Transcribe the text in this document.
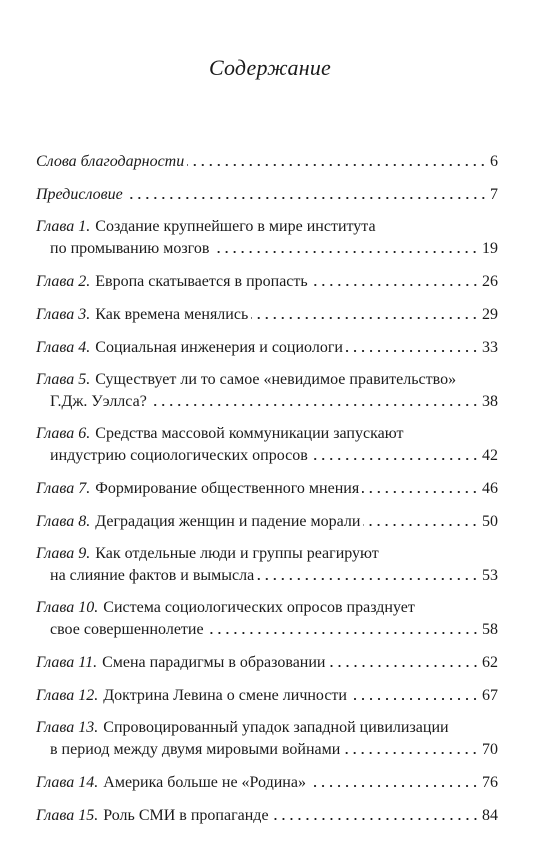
Содержание
Слова благодарности	6
Предисловие	7
Глава 1. Создание крупнейшего в мире института
по промыванию мозгов	19
Глава 2. Европа скатывается в пропасть	26
Глава 3. Как времена менялись	29
Глава 4. Социальная инженерия и социологи	33
Глава 5. Существует ли то самое «невидимое правительство»
Г.Дж. Уэллса?	38
Глава 6. Средства массовой коммуникации запускают
индустрию социологических опросов	42
Глава 7. Формирование общественного мнения	46
Глава 8. Деградация женщин и падение морали	50
Глава 9. Как отдельные люди и группы реагируют
на слияние фактов и вымысла	53
Глава 10. Система социологических опросов празднует
свое совершеннолетие	58
Глава 11. Смена парадигмы в образовании	62
Глава 12. Доктрина Левина о смене личности	67
Глава 13. Спровоцированный упадок западной цивилизации
в период между двумя мировыми войнами	70
Глава 14. Америка больше не «Родина»	76
Глава 15. Роль СМИ в пропаганде	84
